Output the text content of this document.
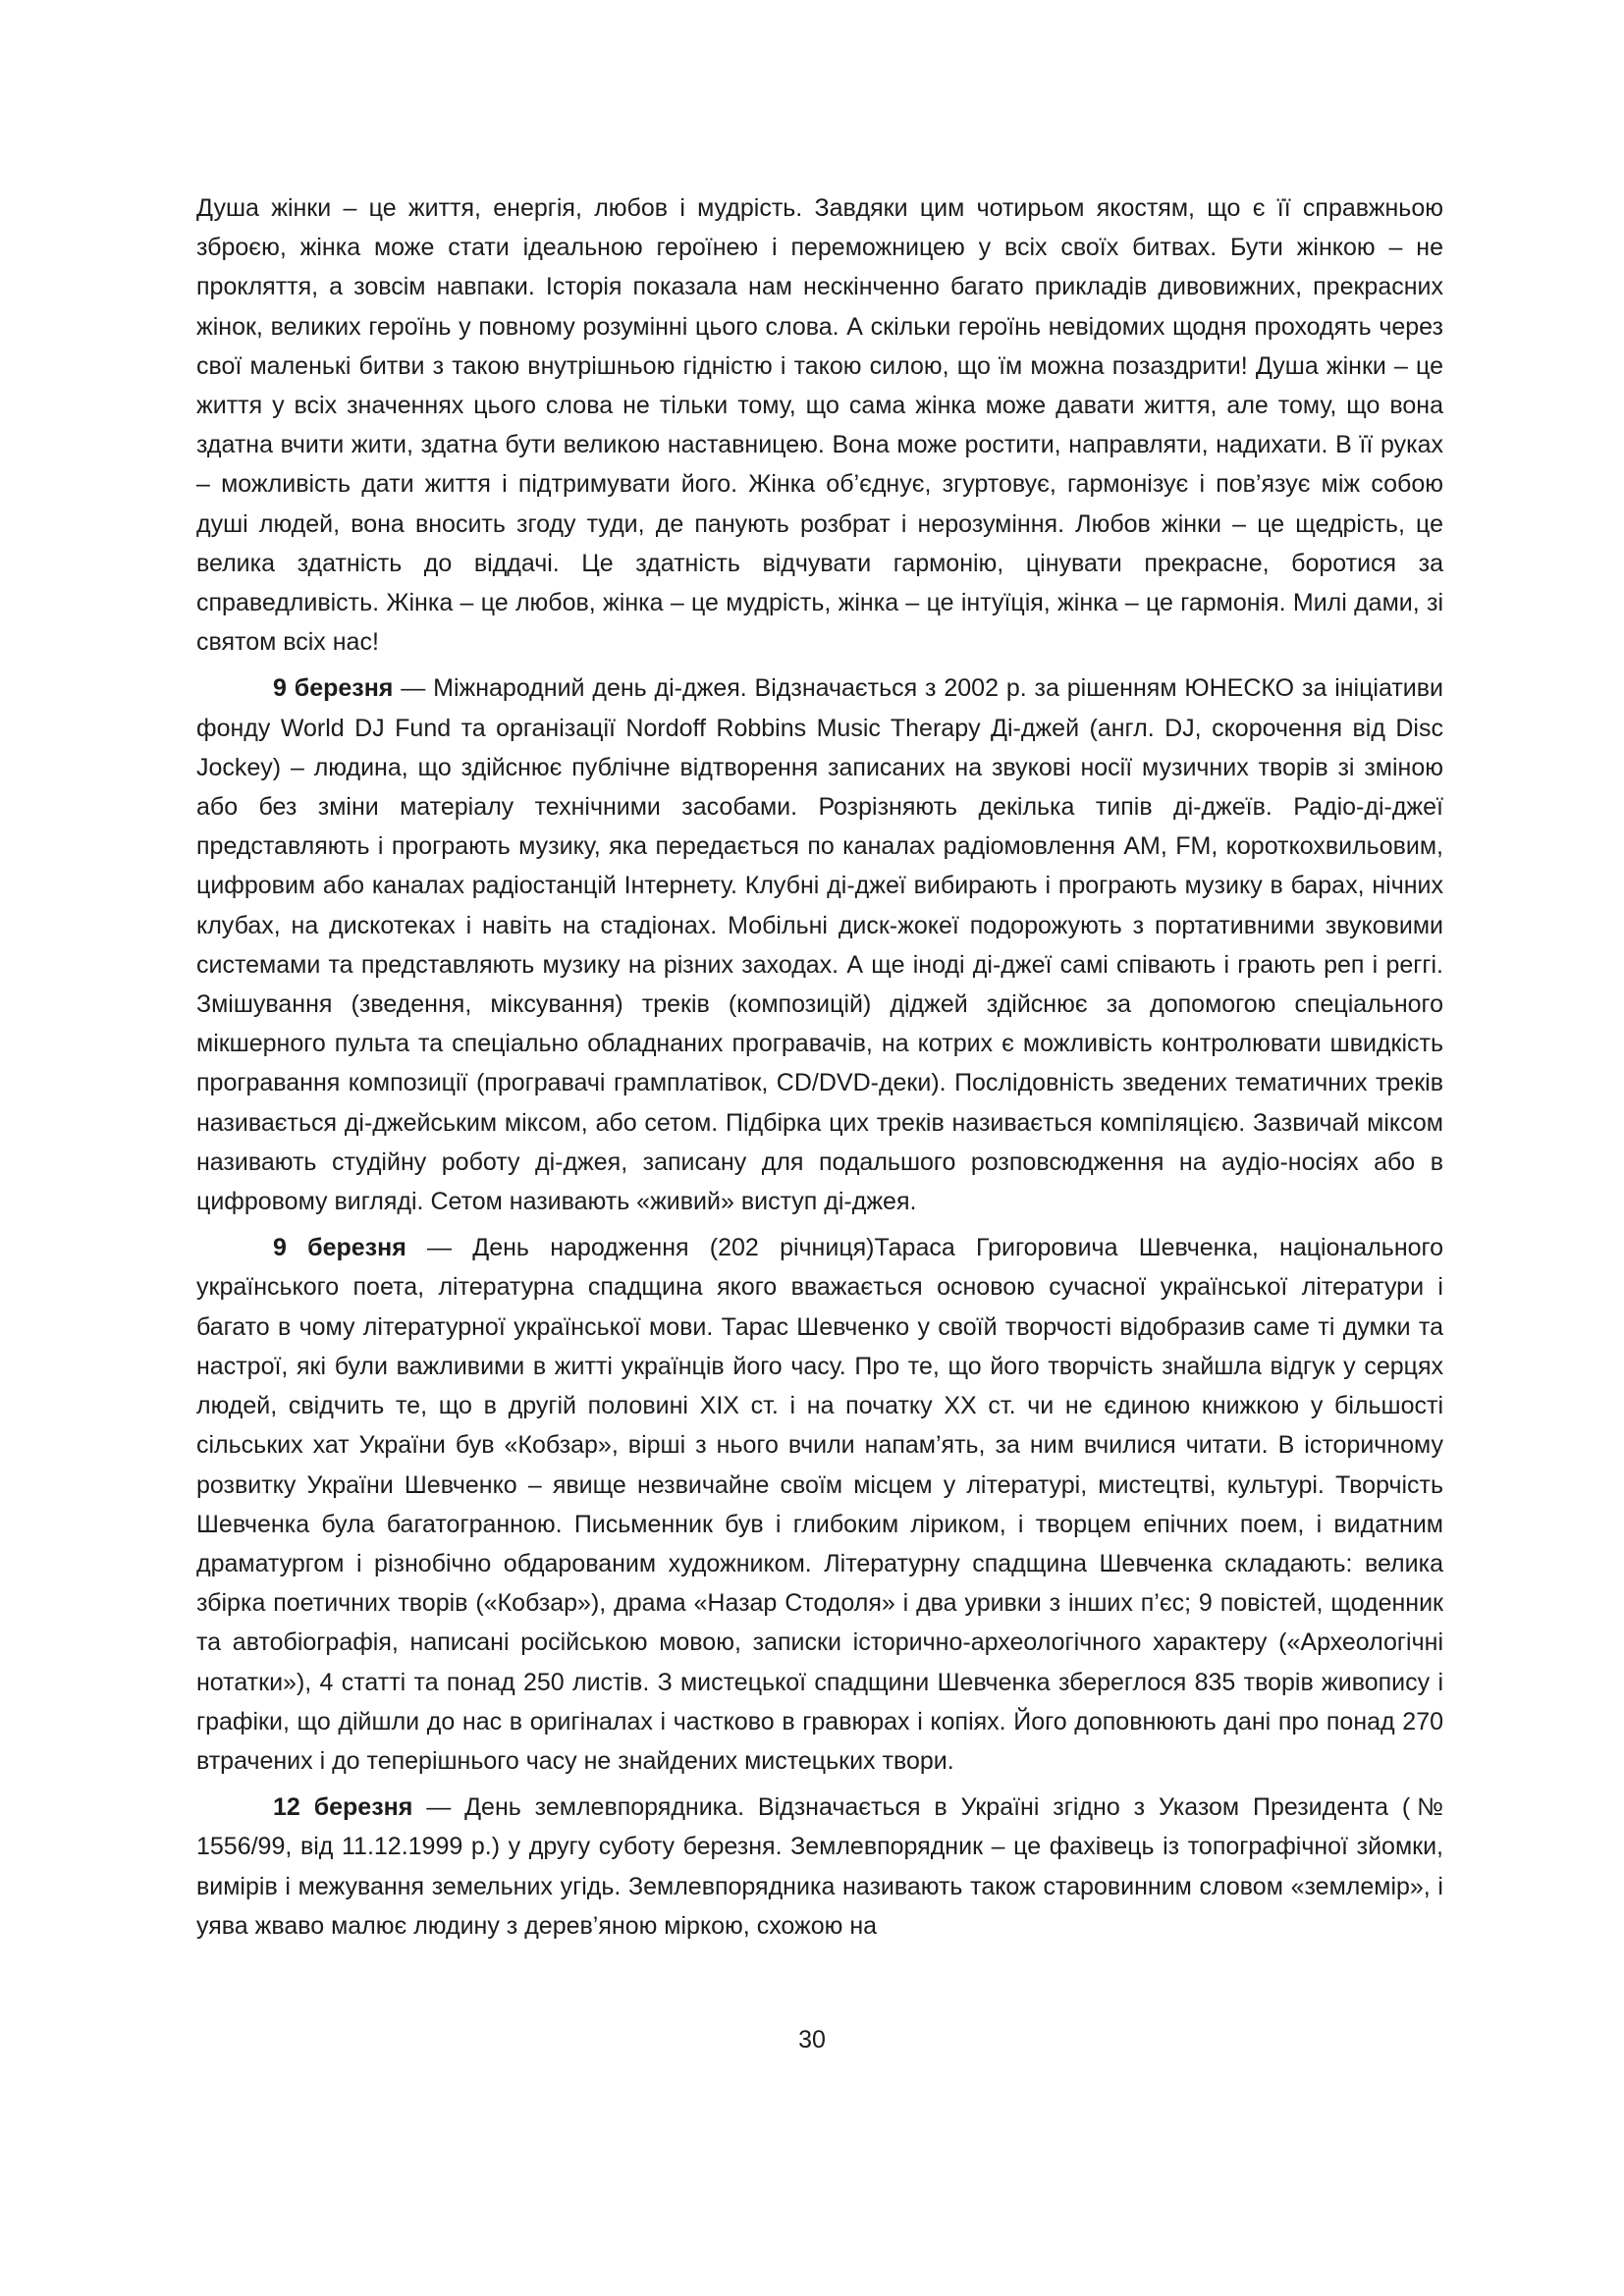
Душа жінки – це життя, енергія, любов і мудрість. Завдяки цим чотирьом якостям, що є її справжньою зброєю, жінка може стати ідеальною героїнею і переможницею у всіх своїх битвах. Бути жінкою – не прокляття, а зовсім навпаки. Історія показала нам нескінченно багато прикладів дивовижних, прекрасних жінок, великих героїнь у повному розумінні цього слова. А скільки героїнь невідомих щодня проходять через свої маленькі битви з такою внутрішньою гідністю і такою силою, що їм можна позаздрити! Душа жінки – це життя у всіх значеннях цього слова не тільки тому, що сама жінка може давати життя, але тому, що вона здатна вчити жити, здатна бути великою наставницею. Вона може ростити, направляти, надихати. В її руках – можливість дати життя і підтримувати його. Жінка об’єднує, згуртовує, гармонізує і пов’язує між собою душі людей, вона вносить згоду туди, де панують розбрат і нерозуміння. Любов жінки – це щедрість, це велика здатність до віддачі. Це здатність відчувати гармонію, цінувати прекрасне, боротися за справедливість. Жінка – це любов, жінка – це мудрість, жінка – це інтуїція, жінка – це гармонія. Милі дами, зі святом всіх нас!

9 березня — Міжнародний день ді-джея. Відзначається з 2002 р. за рішенням ЮНЕСКО за ініціативи фонду World DJ Fund та організації Nordoff Robbins Music Therapy Ді-джей (англ. DJ, скорочення від Disc Jockey) – людина, що здійснює публічне відтворення записаних на звукові носії музичних творів зі зміною або без зміни матеріалу технічними засобами. Розрізняють декілька типів ді-джеїв. Радіо-ді-джеї представляють і програють музику, яка передається по каналах радіомовлення AM, FM, короткохвильовим, цифровим або каналах радіостанцій Інтернету. Клубні ді-джеї вибирають і програють музику в барах, нічних клубах, на дискотеках і навіть на стадіонах. Мобільні диск-жокеї подорожують з портативними звуковими системами та представляють музику на різних заходах. А ще іноді ді-джеї самі співають і грають реп і реггі. Змішування (зведення, міксування) треків (композицій) діджей здійснює за допомогою спеціального мікшерного пульта та спеціально обладнаних програвачів, на котрих є можливість контролювати швидкість програвання композиції (програвачі грамплатівок, CD/DVD-деки). Послідовність зведених тематичних треків називається ді-джейським міксом, або сетом. Підбірка цих треків називається компіляцією. Зазвичай міксом називають студійну роботу ді-джея, записану для подальшого розповсюдження на аудіо-носіях або в цифровому вигляді. Сетом називають «живий» виступ ді-джея.

9 березня — День народження (202 річниця)Тараса Григоровича Шевченка, національного українського поета, літературна спадщина якого вважається основою сучасної української літератури і багато в чому літературної української мови. Тарас Шевченко у своїй творчості відобразив саме ті думки та настрої, які були важливими в житті українців його часу. Про те, що його творчість знайшла відгук у серцях людей, свідчить те, що в другій половині ХІХ ст. і на початку ХХ ст. чи не єдиною книжкою у більшості сільських хат України був «Кобзар», вірші з нього вчили напам’ять, за ним вчилися читати. В історичному розвитку України Шевченко – явище незвичайне своїм місцем у літературі, мистецтві, культурі. Творчість Шевченка була багатогранною. Письменник був і глибоким ліриком, і творцем епічних поем, і видатним драматургом і різнобічно обдарованим художником. Літературну спадщина Шевченка складають: велика збірка поетичних творів («Кобзар»), драма «Назар Стодоля» і два уривки з інших п’єс; 9 повістей, щоденник та автобіографія, написані російською мовою, записки історично-археологічного характеру («Археологічні нотатки»), 4 статті та понад 250 листів. З мистецької спадщини Шевченка збереглося 835 творів живопису і графіки, що дійшли до нас в оригіналах і частково в гравюрах і копіях. Його доповнюють дані про понад 270 втрачених і до теперішнього часу не знайдених мистецьких твори.

12 березня — День землевпорядника. Відзначається в Україні згідно з Указом Президента (№ 1556/99, від 11.12.1999 р.) у другу суботу березня. Землевпорядник – це фахівець із топографічної зйомки, вимірів і межування земельних угідь. Землевпорядника називають також старовинним словом «землемір», і уява жваво малює людину з дерев’яною міркою, схожою на

30
